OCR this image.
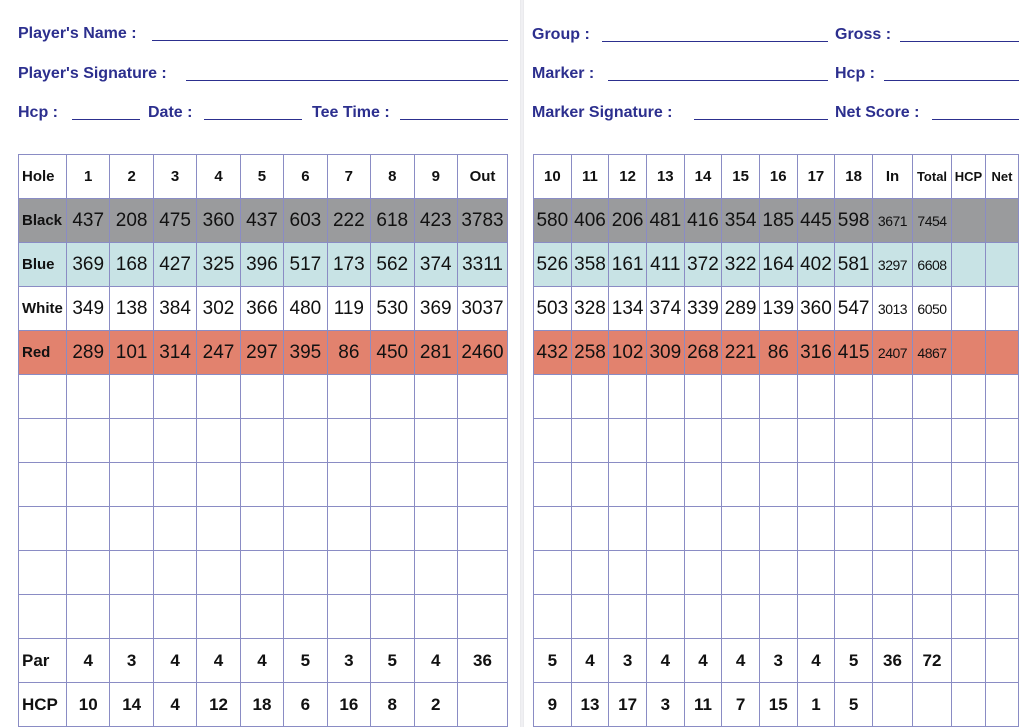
Player's Name :
Player's Signature :
Hcp :	Date :	Tee Time :
Hole	1	2	3	4	5	6	7	8	9	Out
Black	437	208	475	360	437	603	222	618	423	3783
Blue	369	168	427	325	396	517	173	562	374	3311
White	349	138	384	302	366	480	119	530	369	3037
Red	289	101	314	247	297	395	86	450	281	2460

Par	4	3	4	4	4	5	3	5	4	36
HCP	10	14	4	12	18	6	16	8	2	
Group :	Gross :
Marker :	Hcp :
Marker Signature :	Net Score :
10	11	12	13	14	15	16	17	18	In	Total	HCP	Net
580	406	206	481	416	354	185	445	598	3671	7454		
526	358	161	411	372	322	164	402	581	3297	6608		
503	328	134	374	339	289	139	360	547	3013	6050		
432	258	102	309	268	221	86	316	415	2407	4867		

5	4	3	4	4	4	3	4	5	36	72		
9	13	17	3	11	7	15	1	5				
